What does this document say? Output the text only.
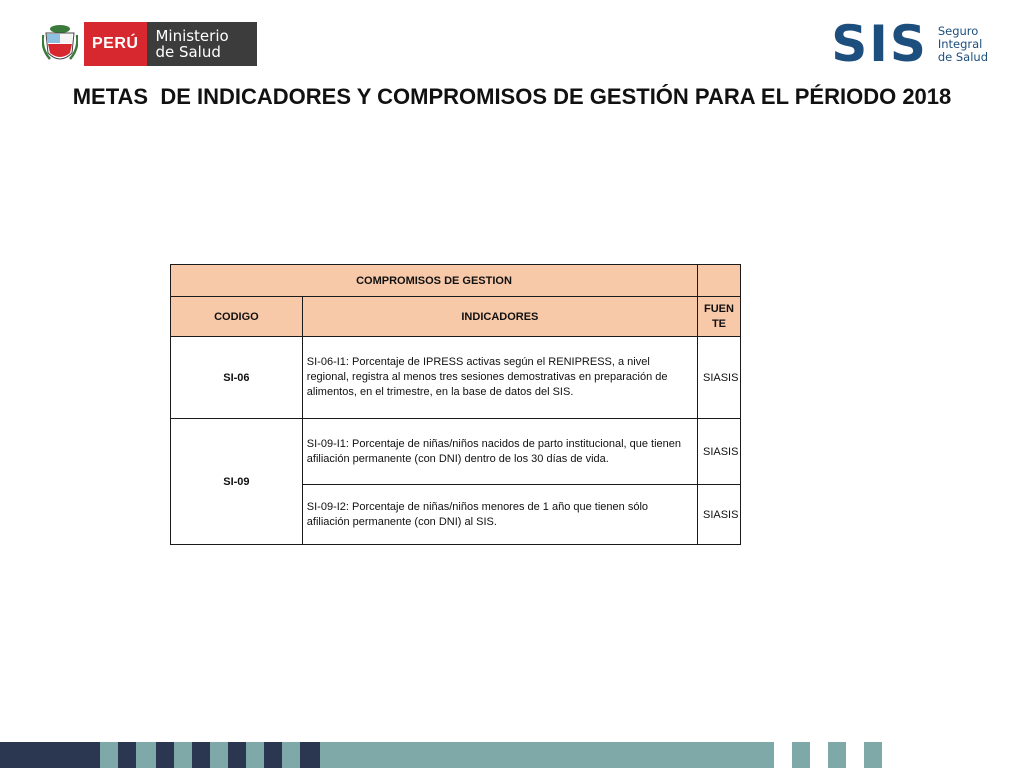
PERÚ	Ministerio
de Salud	SIS Seguro
Integral
de Salud
METAS  DE INDICADORES Y COMPROMISOS DE GESTIÓN PARA EL PÉRIODO 2018
COMPROMISOS DE GESTION		
CODIGO	INDICADORES	FUEN
TE
SI-06	SI-06-I1: Porcentaje de IPRESS activas según el RENIPRESS, a nivel regional, registra al menos tres sesiones demostrativas en preparación de alimentos, en el trimestre, en la base de datos del SIS.	SIASIS
SI-09	SI-09-I1: Porcentaje de niñas/niños nacidos de parto institucional, que tienen afiliación permanente (con DNI) dentro de los 30 días de vida.	SIASIS
	SI-09-I2: Porcentaje de niñas/niños menores de 1 año que tienen sólo afiliación permanente (con DNI) al SIS.	SIASIS
